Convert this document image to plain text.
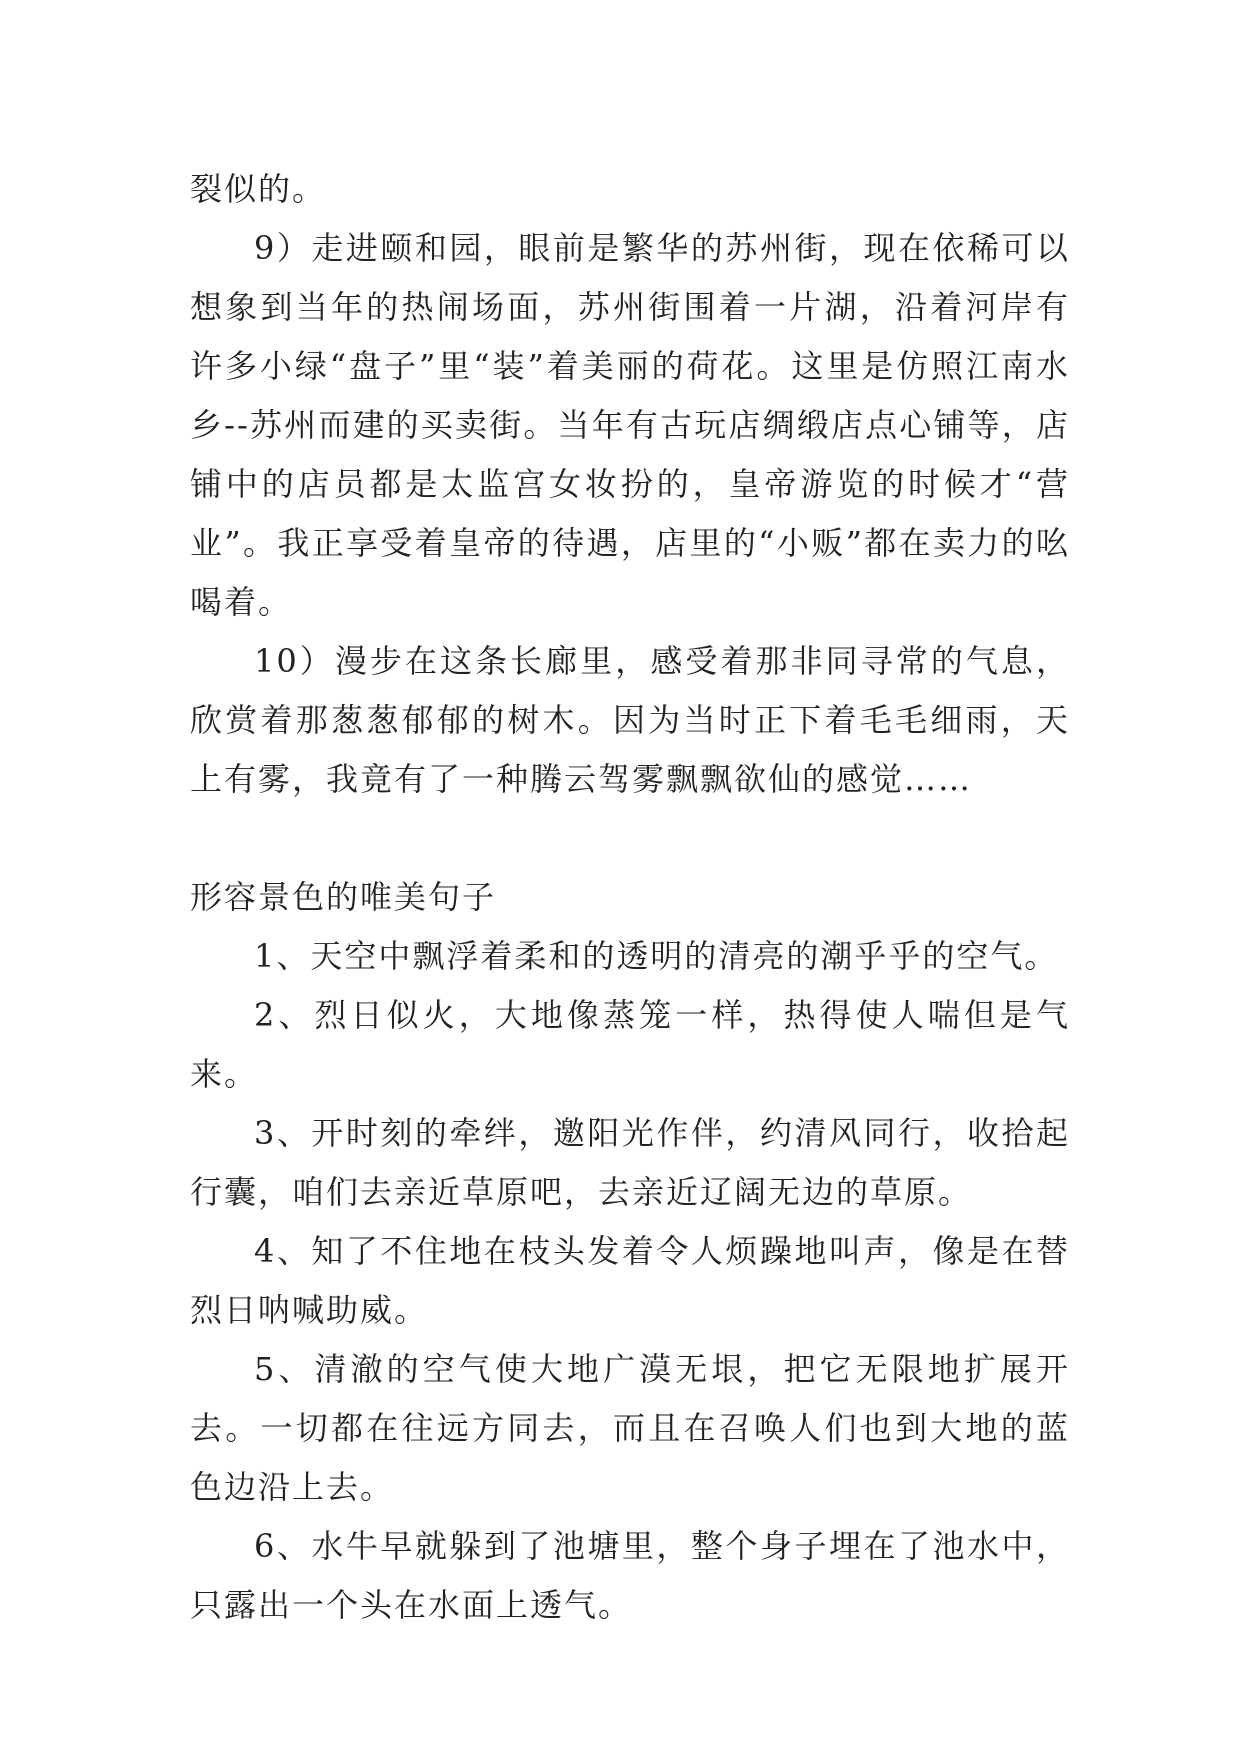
裂似的。

9）走进颐和园，眼前是繁华的苏州街，现在依稀可以想象到当年的热闹场面，苏州街围着一片湖，沿着河岸有许多小绿“盘子”里“装”着美丽的荷花。这里是仿照江南水乡--苏州而建的买卖街。当年有古玩店绸缎店点心铺等，店铺中的店员都是太监宫女妆扮的，皇帝游览的时候才“营业”。我正享受着皇帝的待遇，店里的“小贩”都在卖力的吆喝着。

10）漫步在这条长廊里，感受着那非同寻常的气息，欣赏着那葱葱郁郁的树木。因为当时正下着毛毛细雨，天上有雾，我竟有了一种腾云驾雾飘飘欲仙的感觉……

形容景色的唯美句子

1、天空中飘浮着柔和的透明的清亮的潮乎乎的空气。

2、烈日似火，大地像蒸笼一样，热得使人喘但是气来。

3、开时刻的牵绊，邀阳光作伴，约清风同行，收拾起行囊，咱们去亲近草原吧，去亲近辽阔无边的草原。

4、知了不住地在枝头发着令人烦躁地叫声，像是在替烈日呐喊助威。

5、清澈的空气使大地广漠无垠，把它无限地扩展开去。一切都在往远方同去，而且在召唤人们也到大地的蓝色边沿上去。

6、水牛早就躲到了池塘里，整个身子埋在了池水中，只露出一个头在水面上透气。
